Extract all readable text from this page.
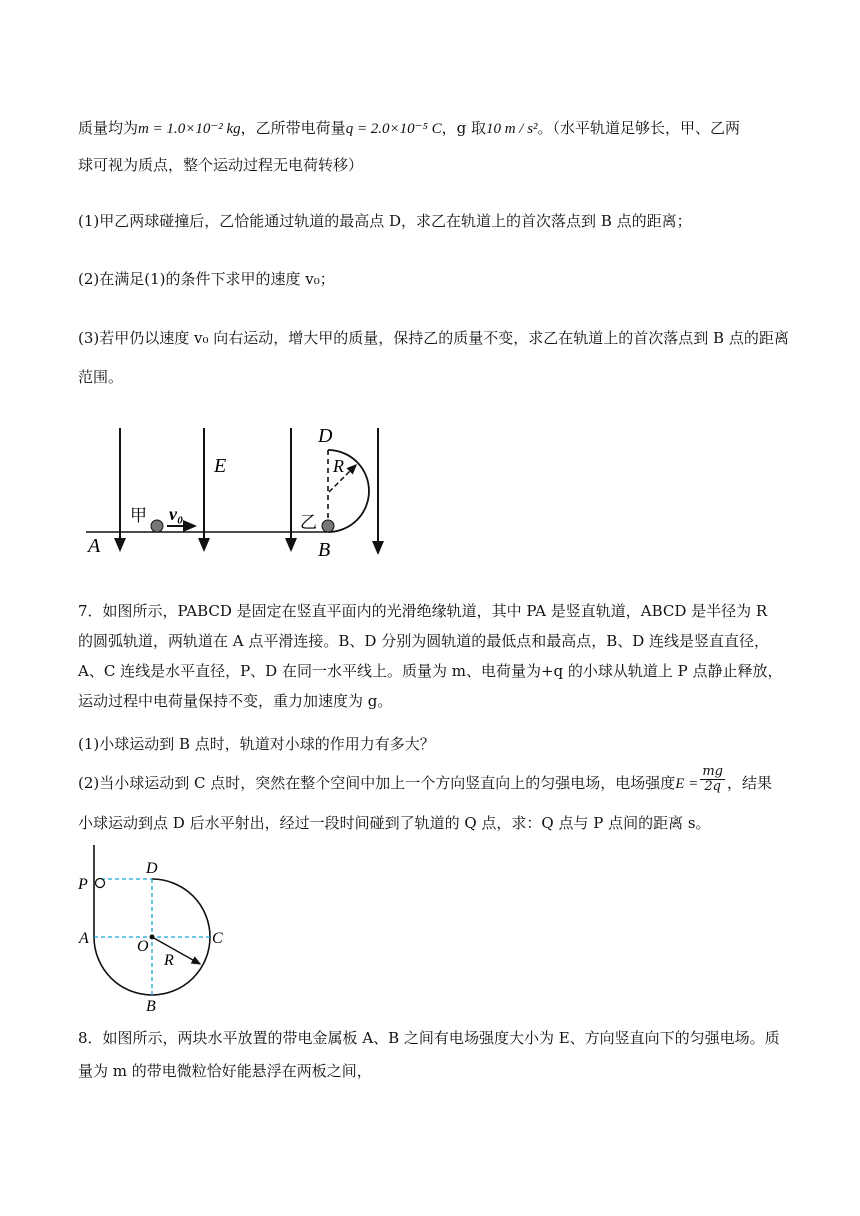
质量均为m = 1.0×10⁻² kg，乙所带电荷量q = 2.0×10⁻⁵ C，g 取10 m / s²。（水平轨道足够长，甲、乙两
球可视为质点，整个运动过程无电荷转移）
(1)甲乙两球碰撞后，乙恰能通过轨道的最高点 D，求乙在轨道上的首次落点到 B 点的距离；
(2)在满足(1)的条件下求甲的速度 v₀；
(3)若甲仍以速度 v₀ 向右运动，增大甲的质量，保持乙的质量不变，求乙在轨道上的首次落点到 B 点的距离
范围。
A
E
甲 v₀	乙
B
D
R
7．如图所示，PABCD 是固定在竖直平面内的光滑绝缘轨道，其中 PA 是竖直轨道，ABCD 是半径为 R 的圆弧轨道，两轨道在 A 点平滑连接。B、D 分别为圆轨道的最低点和最高点，B、D 连线是竖直直径，A、C 连线是水平直径，P、D 在同一水平线上。质量为 m、电荷量为+q 的小球从轨道上 P 点静止释放，运动过程中电荷量保持不变，重力加速度为 g。
(1)小球运动到 B 点时，轨道对小球的作用力有多大？
(2)当小球运动到 C 点时，突然在整个空间中加上一个方向竖直向上的匀强电场，电场强度$E = \frac{mg}{2q}$ ，结果
小球运动到点 D 后水平射出，经过一段时间碰到了轨道的 Q 点，求：Q 点与 P 点间的距离 s。
P
D
A	O	C
R
B
8．如图所示，两块水平放置的带电金属板 A、B 之间有电场强度大小为 E、方向竖直向下的匀强电场。质
量为 m 的带电微粒恰好能悬浮在两板之间，
